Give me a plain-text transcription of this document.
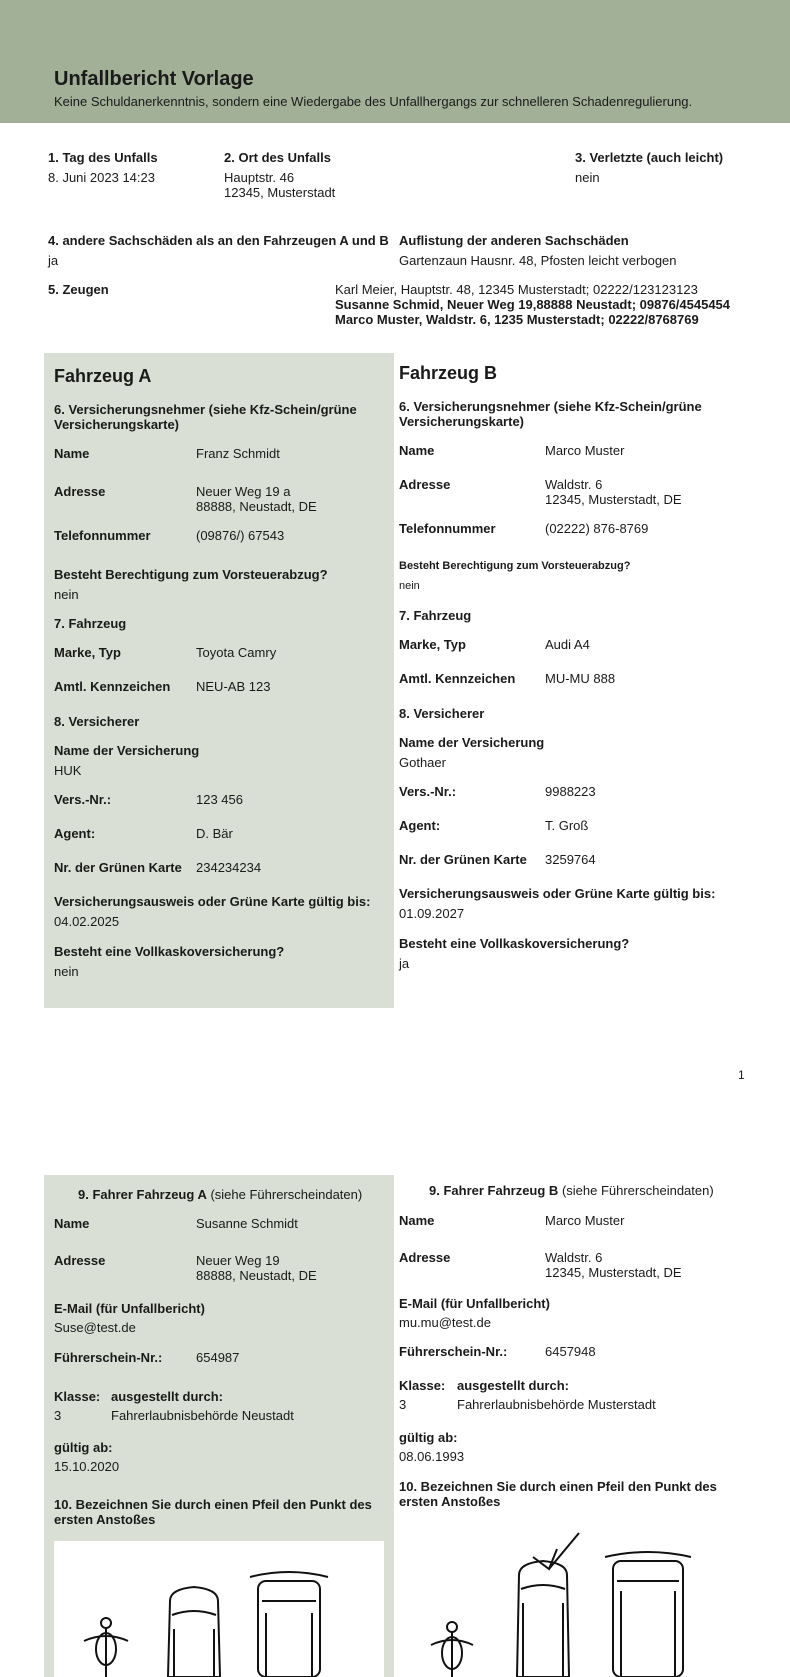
Unfallbericht Vorlage
Keine Schuldanerkenntnis, sondern eine Wiedergabe des Unfallhergangs zur schnelleren Schadenregulierung.
1. Tag des Unfalls
8. Juni 2023 14:23
2. Ort des Unfalls
Hauptstr. 46
12345, Musterstadt
3. Verletzte (auch leicht)
nein
4. andere Sachschäden als an den Fahrzeugen A und B
ja
Auflistung der anderen Sachschäden
Gartenzaun Hausnr. 48, Pfosten leicht verbogen
5. Zeugen	Karl Meier, Hauptstr. 48, 12345 Musterstadt; 02222/123123123
Susanne Schmid, Neuer Weg 19,88888 Neustadt; 09876/4545454
Marco Muster, Waldstr. 6, 1235 Musterstadt; 02222/8768769
Fahrzeug A
6. Versicherungsnehmer (siehe Kfz-Schein/grüne
Versicherungskarte)
Name	Franz Schmidt
Adresse	Neuer Weg 19 a
88888, Neustadt, DE
Telefonnummer	(09876/) 67543
Besteht Berechtigung zum Vorsteuerabzug?
nein
7. Fahrzeug
Marke, Typ	Toyota Camry
Amtl. Kennzeichen NEU-AB 123
8. Versicherer
Name der Versicherung
HUK
Vers.-Nr.:	123 456
Agent:	D. Bär
Nr. der Grünen Karte 234234234
Versicherungsausweis oder Grüne Karte gültig bis:
04.02.2025
Besteht eine Vollkaskoversicherung?
nein
Fahrzeug B
6. Versicherungsnehmer (siehe Kfz-Schein/grüne
Versicherungskarte)
Name	Marco Muster
Adresse	Waldstr. 6
12345, Musterstadt, DE
Telefonnummer	(02222) 876-8769
Besteht Berechtigung zum Vorsteuerabzug?
nein
7. Fahrzeug
Marke, Typ	Audi A4
Amtl. Kennzeichen MU-MU 888
8. Versicherer
Name der Versicherung
Gothaer
Vers.-Nr.:	9988223
Agent:	T. Groß
Nr. der Grünen Karte 3259764
Versicherungsausweis oder Grüne Karte gültig bis:
01.09.2027
Besteht eine Vollkaskoversicherung?
ja
1
9. Fahrer Fahrzeug A (siehe Führerscheindaten)
Name	Susanne Schmidt
Adresse	Neuer Weg 19
88888, Neustadt, DE
E-Mail (für Unfallbericht)
Suse@test.de
Führerschein-Nr.:	654987
Klasse:
3
ausgestellt durch:
Fahrerlaubnisbehörde Neustadt
gültig ab:
15.10.2020
10. Bezeichnen Sie durch einen Pfeil den Punkt des
ersten Anstoßes
9. Fahrer Fahrzeug B (siehe Führerscheindaten)
Name	Marco Muster
Adresse	Waldstr. 6
12345, Musterstadt, DE
E-Mail (für Unfallbericht)
mu.mu@test.de
Führerschein-Nr.:	6457948
Klasse:
3
ausgestellt durch:
Fahrerlaubnisbehörde Musterstadt
gültig ab:
08.06.1993
10. Bezeichnen Sie durch einen Pfeil den Punkt des
ersten Anstoßes
